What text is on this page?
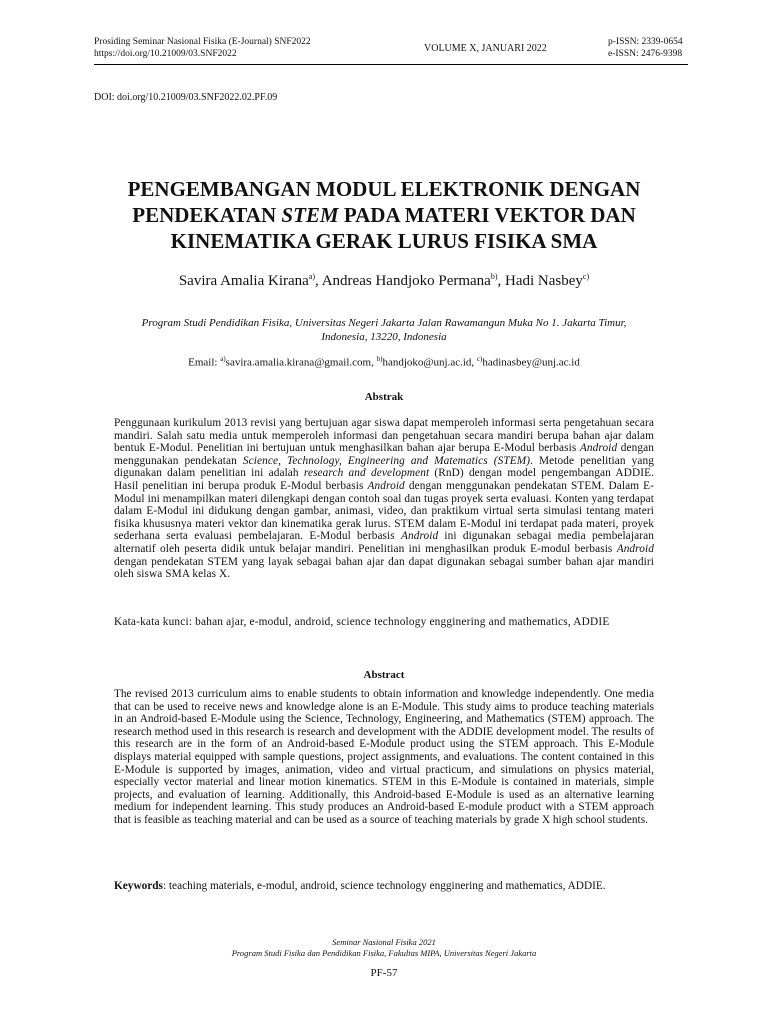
Prosiding Seminar Nasional Fisika (E-Journal) SNF2022
https://doi.org/10.21009/03.SNF2022	VOLUME X, JANUARI 2022
p-ISSN: 2339-0654
e-ISSN: 2476-9398
DOI: doi.org/10.21009/03.SNF2022.02.PF.09
PENGEMBANGAN MODUL ELEKTRONIK DENGAN
PENDEKATAN STEM PADA MATERI VEKTOR DAN
KINEMATIKA GERAK LURUS FISIKA SMA
Savira Amalia Kirana$^{a)}$, Andreas Handjoko Permana$^{b)}$, Hadi Nasbey$^{c)}$
Program Studi Pendidikan Fisika, Universitas Negeri Jakarta Jalan Rawamangun Muka No 1. Jakarta Timur,
Indonesia, 13220, Indonesia
Email: $^{a)}$savira.amalia.kirana@gmail.com, $^{b)}$handjoko@unj.ac.id, $^{c)}$hadinasbey@unj.ac.id
Abstrak

Penggunaan kurikulum 2013 revisi yang bertujuan agar siswa dapat memperoleh informasi serta pengetahuan secara mandiri. Salah satu media untuk memperoleh informasi dan pengetahuan secara mandiri berupa bahan ajar dalam bentuk E-Modul. Penelitian ini bertujuan untuk menghasilkan bahan ajar berupa E-Modul berbasis Android dengan menggunakan pendekatan Science, Technology, Engineering and Matematics (STEM). Metode penelitian yang digunakan dalam penelitian ini adalah research and development (RnD) dengan model pengembangan ADDIE. Hasil penelitian ini berupa produk E-Modul berbasis Android dengan menggunakan pendekatan STEM. Dalam E-Modul ini menampilkan materi dilengkapi dengan contoh soal dan tugas proyek serta evaluasi. Konten yang terdapat dalam E-Modul ini didukung dengan gambar, animasi, video, dan praktikum virtual serta simulasi tentang materi fisika khususnya materi vektor dan kinematika gerak lurus. STEM dalam E-Modul ini terdapat pada materi, proyek sederhana serta evaluasi pembelajaran. E-Modul berbasis Android ini digunakan sebagai media pembelajaran alternatif oleh peserta didik untuk belajar mandiri. Penelitian ini menghasilkan produk E-modul berbasis Android dengan pendekatan STEM yang layak sebagai bahan ajar dan dapat digunakan sebagai sumber bahan ajar mandiri oleh siswa SMA kelas X.

Kata-kata kunci: bahan ajar, e-modul, android, science technology engginering and mathematics, ADDIE

Abstract

The revised 2013 curriculum aims to enable students to obtain information and knowledge independently. One media that can be used to receive news and knowledge alone is an E-Module. This study aims to produce teaching materials in an Android-based E-Module using the Science, Technology, Engineering, and Mathematics (STEM) approach. The research method used in this research is research and development with the ADDIE development model. The results of this research are in the form of an Android-based E-Module product using the STEM approach. This E-Module displays material equipped with sample questions, project assignments, and evaluations. The content contained in this E-Module is supported by images, animation, video and virtual practicum, and simulations on physics material, especially vector material and linear motion kinematics. STEM in this E-Module is contained in materials, simple projects, and evaluation of learning. Additionally, this Android-based E-Module is used as an alternative learning medium for independent learning. This study produces an Android-based E-module product with a STEM approach that is feasible as teaching material and can be used as a source of teaching materials by grade X high school students.

Keywords: teaching materials, e-modul, android, science technology engginering and mathematics, ADDIE.

Seminar Nasional Fisika 2021
Program Studi Fisika dan Pendidikan Fisika, Fakultas MIPA, Universitas Negeri Jakarta
PF-57
